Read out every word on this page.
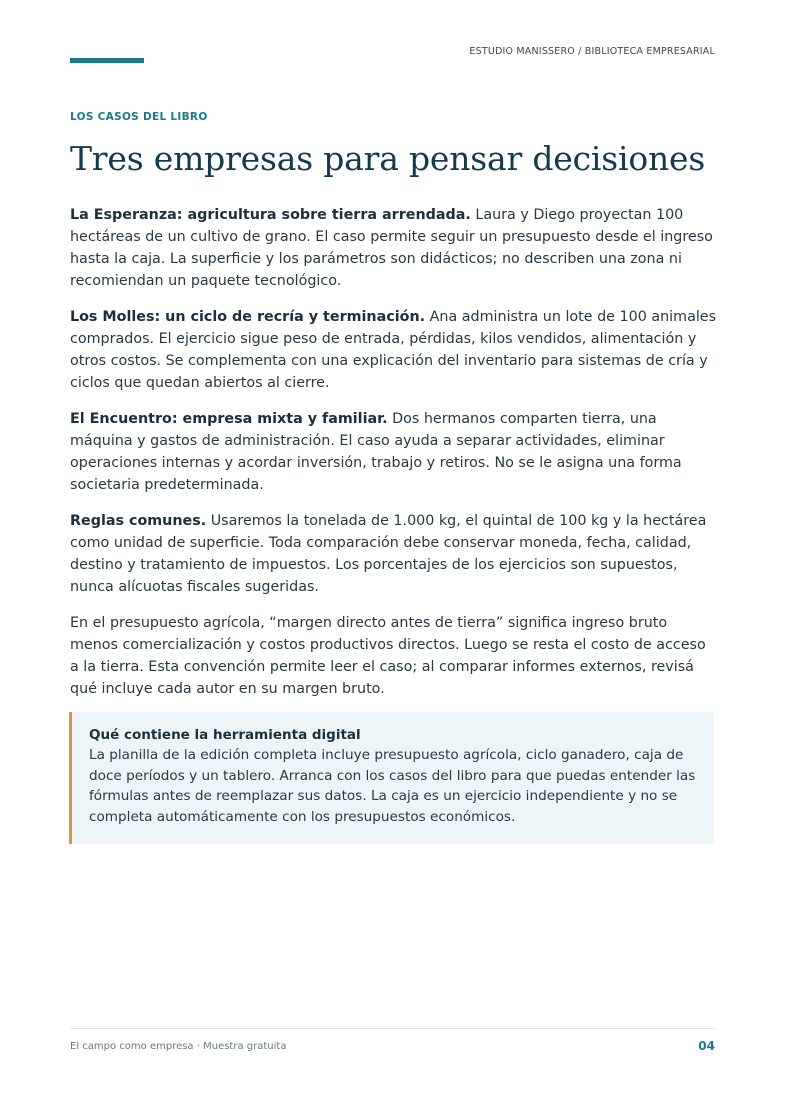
ESTUDIO MANISSERO / BIBLIOTECA EMPRESARIAL
LOS CASOS DEL LIBRO
Tres empresas para pensar decisiones

La Esperanza: agricultura sobre tierra arrendada. Laura y Diego proyectan 100 hectáreas de un cultivo de grano. El caso permite seguir un presupuesto desde el ingreso hasta la caja. La superficie y los parámetros son didácticos; no describen una zona ni recomiendan un paquete tecnológico.

Los Molles: un ciclo de recría y terminación. Ana administra un lote de 100 animales comprados. El ejercicio sigue peso de entrada, pérdidas, kilos vendidos, alimentación y otros costos. Se complementa con una explicación del inventario para sistemas de cría y ciclos que quedan abiertos al cierre.

El Encuentro: empresa mixta y familiar. Dos hermanos comparten tierra, una máquina y gastos de administración. El caso ayuda a separar actividades, eliminar operaciones internas y acordar inversión, trabajo y retiros. No se le asigna una forma societaria predeterminada.

Reglas comunes. Usaremos la tonelada de 1.000 kg, el quintal de 100 kg y la hectárea como unidad de superficie. Toda comparación debe conservar moneda, fecha, calidad, destino y tratamiento de impuestos. Los porcentajes de los ejercicios son supuestos, nunca alícuotas fiscales sugeridas.

En el presupuesto agrícola, “margen directo antes de tierra” significa ingreso bruto menos comercialización y costos productivos directos. Luego se resta el costo de acceso a la tierra. Esta convención permite leer el caso; al comparar informes externos, revisá qué incluye cada autor en su margen bruto.

Qué contiene la herramienta digital
La planilla de la edición completa incluye presupuesto agrícola, ciclo ganadero, caja de doce períodos y un tablero. Arranca con los casos del libro para que puedas entender las fórmulas antes de reemplazar sus datos. La caja es un ejercicio independiente y no se completa automáticamente con los presupuestos económicos.
El campo como empresa · Muestra gratuita	04
